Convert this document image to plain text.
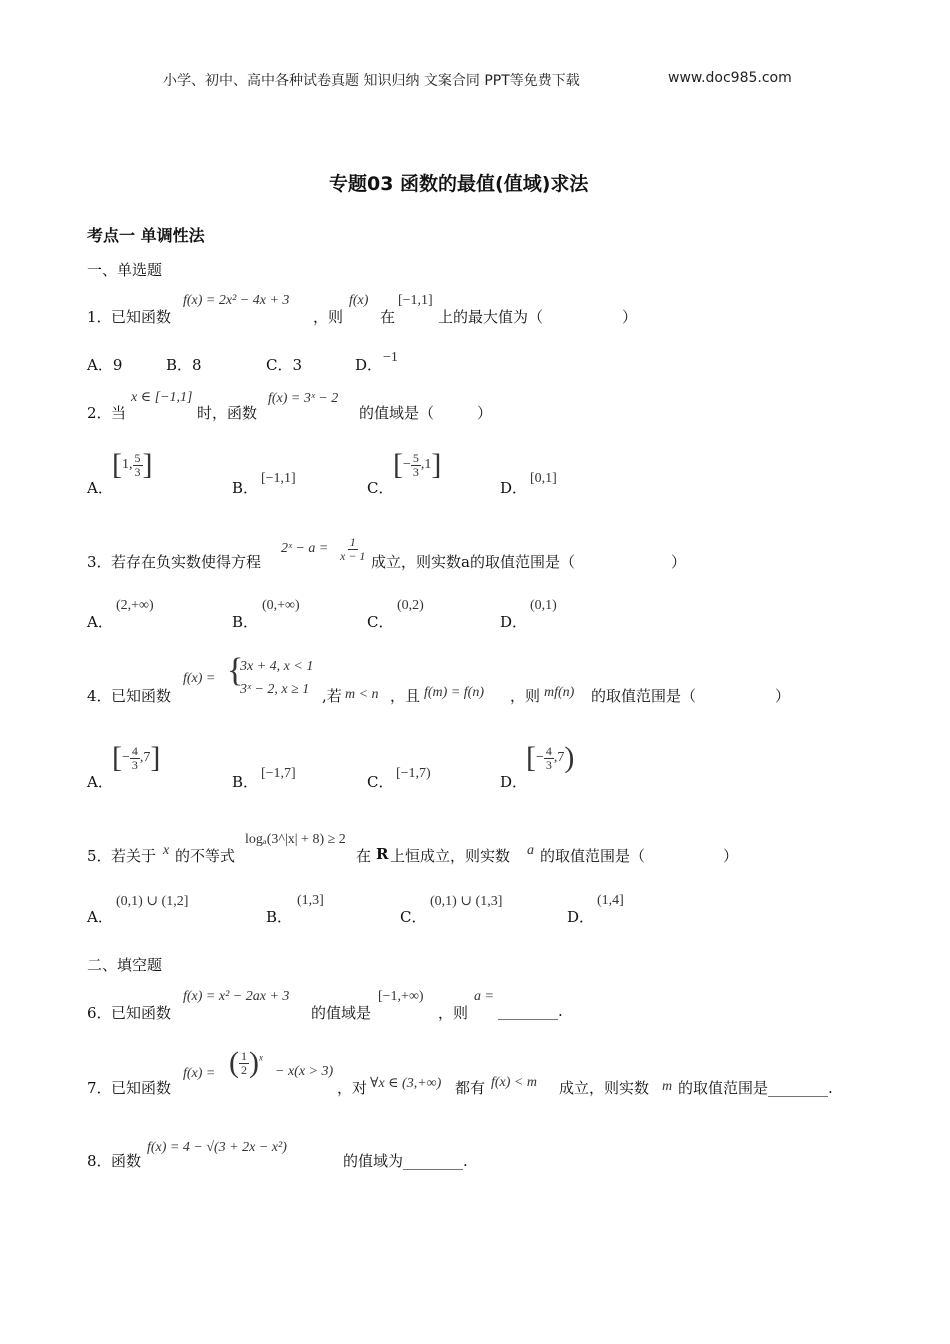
小学、初中、高中各种试卷真题 知识归纳 文案合同 PPT等免费下载	www.doc985.com
专题03 函数的最值(值域)求法
考点一 单调性法
一、单选题
1． 已知函数
f(x) = 2x² − 4x + 3
，则
f(x)
在
[−1,1]
上的最大值为（	）
A．9	B．8	C．3	D． −1
2． 当
x ∈ [−1,1]
时，函数
f(x) = 3ˣ − 2
的值域是（	）
A．
[1, $\frac{5}{3}$ ]
B．
[−1,1]
C．
[− $\frac{5}{3} ,1$]
D．
[0,1]
3． 若存在负实数使得方程
2ˣ − $a = \frac{1}{x - 1}$ 成立，则实数a的取值范围是（	）
A．
(2,+∞)
B．
(0,+∞)
C．
(0,2)
D．
(0,1)
4． 已知函数
f(x) = {
3x + 4, x < 1
3ˣ − 2, x ≥ 1 ,若 m < n ，且 f(m) = f(n) ，则 mf(n) 的取值范围是（	）
A．
[− $\frac{4}{3} ,7$]
B． [−1,7]	C． [−1,7)	D．
[− $\frac{4}{3} ,7$)
5． 若关于 x 的不等式
logₐ(3^|x| + 8) ≥ 2
在 R 上恒成立，则实数 a 的取值范围是（	）
A．
(0,1) ∪ (1,2]
B．
(1,3]
C．
(0,1) ∪ (1,3]
D．
(1,4]
二、填空题
6． 已知函数
f(x) = x² − 2ax + 3
的值域是
[−1,+∞)
，则
a =
________.
7． 已知函数
f(x) = ( $\frac{1}{2} )^x$
− x(x > 3)
，对 ∀x ∈ (3,+∞) 都有 f(x) < m 成立，则实数 m 的取值范围是________.
8． 函数
f(x) = 4 − √(3 + 2x − x²)
的值域为________.
